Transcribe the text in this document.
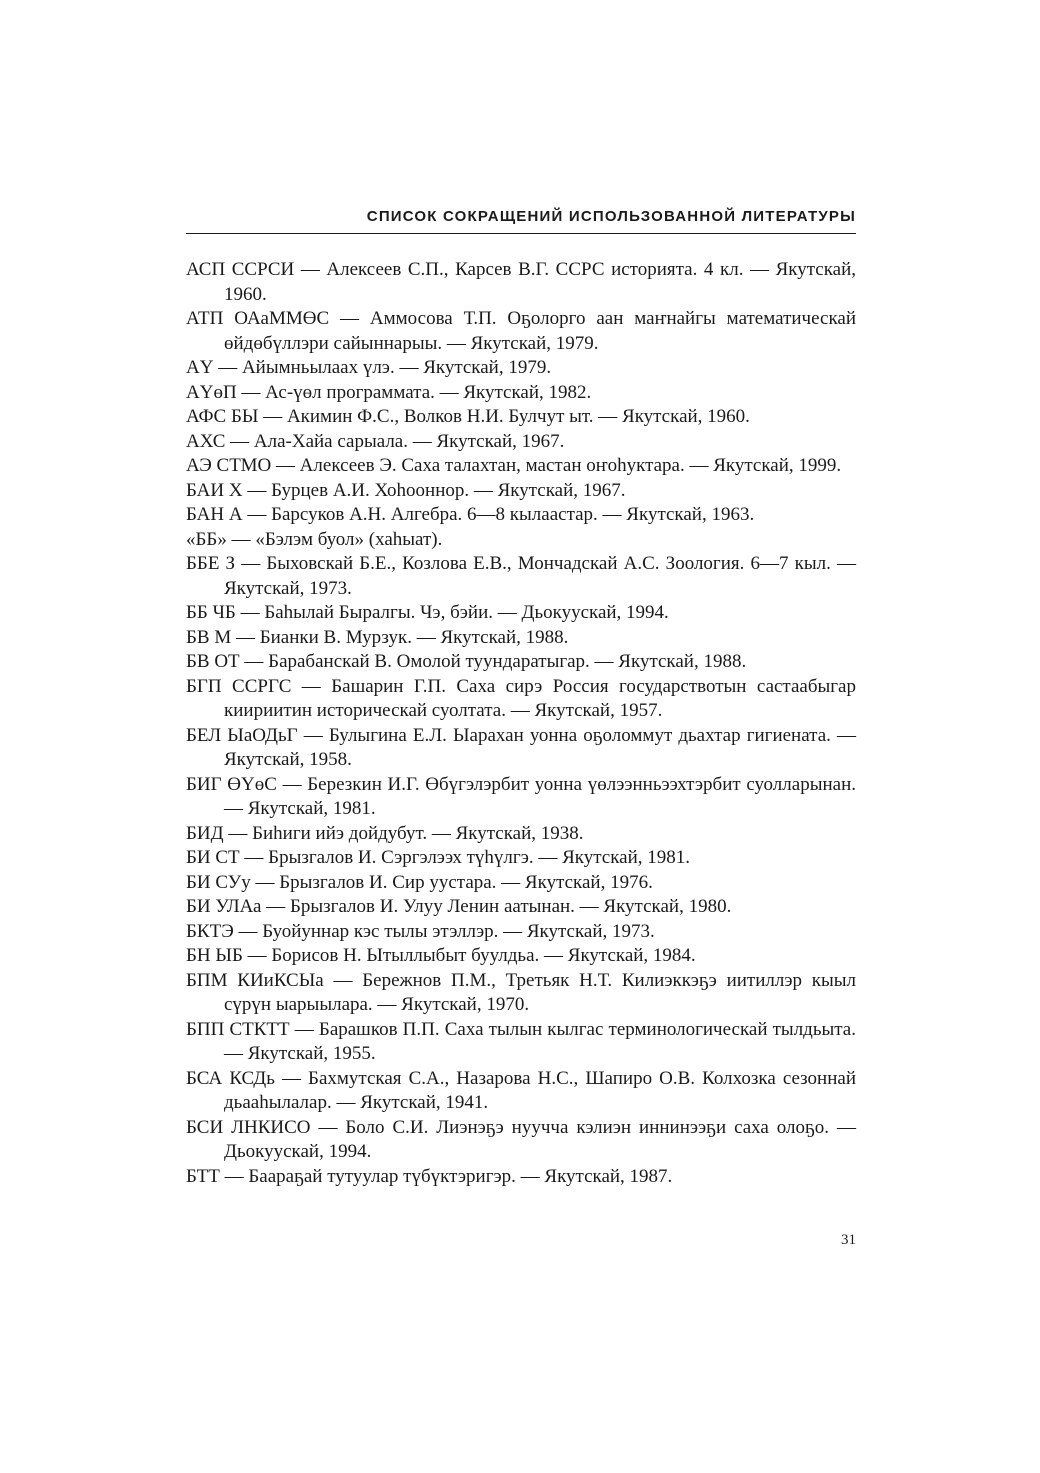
СПИСОК СОКРАЩЕНИЙ ИСПОЛЬЗОВАННОЙ ЛИТЕРАТУРЫ

АСП ССРСИ — Алексеев С.П., Карсев В.Г. ССРС историята. 4 кл. — Якутскай, 1960.

АТП ОАаММӨС — Аммосова Т.П. Оҕолорго аан маҥнайгы математическай өйдөбүллэри сайыннарыы. — Якутскай, 1979.

АҮ — Айымньылаах үлэ. — Якутскай, 1979.

АҮөП — Ас-үөл программата. — Якутскай, 1982.

АФС БЫ — Акимин Ф.С., Волков Н.И. Булчут ыт. — Якутскай, 1960.

АХС — Ала-Хайа сарыала. — Якутскай, 1967.

АЭ СТМО — Алексеев Э. Саха талахтан, мастан оҥоһуктара. — Якутскай, 1999.

БАИ Х — Бурцев А.И. Хоһооннор. — Якутскай, 1967.

БАН А — Барсуков А.Н. Алгебра. 6—8 кылаастар. — Якутскай, 1963.

«ББ» — «Бэлэм буол» (хаһыат).

ББЕ З — Быховскай Б.Е., Козлова Е.В., Мончадскай А.С. Зоология. 6—7 кыл. — Якутскай, 1973.

ББ ЧБ — Баһылай Быралгы. Чэ, бэйи. — Дьокуускай, 1994.

БВ М — Бианки В. Мурзук. — Якутскай, 1988.

БВ ОТ — Барабанскай В. Омолой туундаратыгар. — Якутскай, 1988.

БГП ССРГС — Башарин Г.П. Саха сирэ Россия государствотын састаабыгар киириитин историческай суолтата. — Якутскай, 1957.

БЕЛ ЫаОДьГ — Булыгина Е.Л. Ыарахан уонна оҕоломмут дьахтар гигиената. — Якутскай, 1958.

БИГ ӨҮөС — Березкин И.Г. Өбүгэлэрбит уонна үөлээнньээхтэрбит суолларынан. — Якутскай, 1981.

БИД — Биһиги ийэ дойдубут. — Якутскай, 1938.

БИ СТ — Брызгалов И. Сэргэлээх түһүлгэ. — Якутскай, 1981.

БИ СУу — Брызгалов И. Сир уустара. — Якутскай, 1976.

БИ УЛАа — Брызгалов И. Улуу Ленин аатынан. — Якутскай, 1980.

БКТЭ — Буойуннар кэс тылы этэллэр. — Якутскай, 1973.

БН ЫБ — Борисов Н. Ытыллыбыт буулдьа. — Якутскай, 1984.

БПМ КИиКСЫа — Бережнов П.М., Третьяк Н.Т. Килиэккэҕэ иитиллэр кыыл сүрүн ыарыылара. — Якутскай, 1970.

БПП СТКТТ — Барашков П.П. Саха тылын кылгас терминологическай тылдьыта. — Якутскай, 1955.

БСА КСДь — Бахмутская С.А., Назарова Н.С., Шапиро О.В. Колхозка сезоннай дьааһылалар. — Якутскай, 1941.

БСИ ЛНКИСО — Боло С.И. Лиэнэҕэ нуучча кэлиэн иннинээҕи саха олоҕо. — Дьокуускай, 1994.

БТТ — Баараҕай тутуулар түбүктэригэр. — Якутскай, 1987.

31
